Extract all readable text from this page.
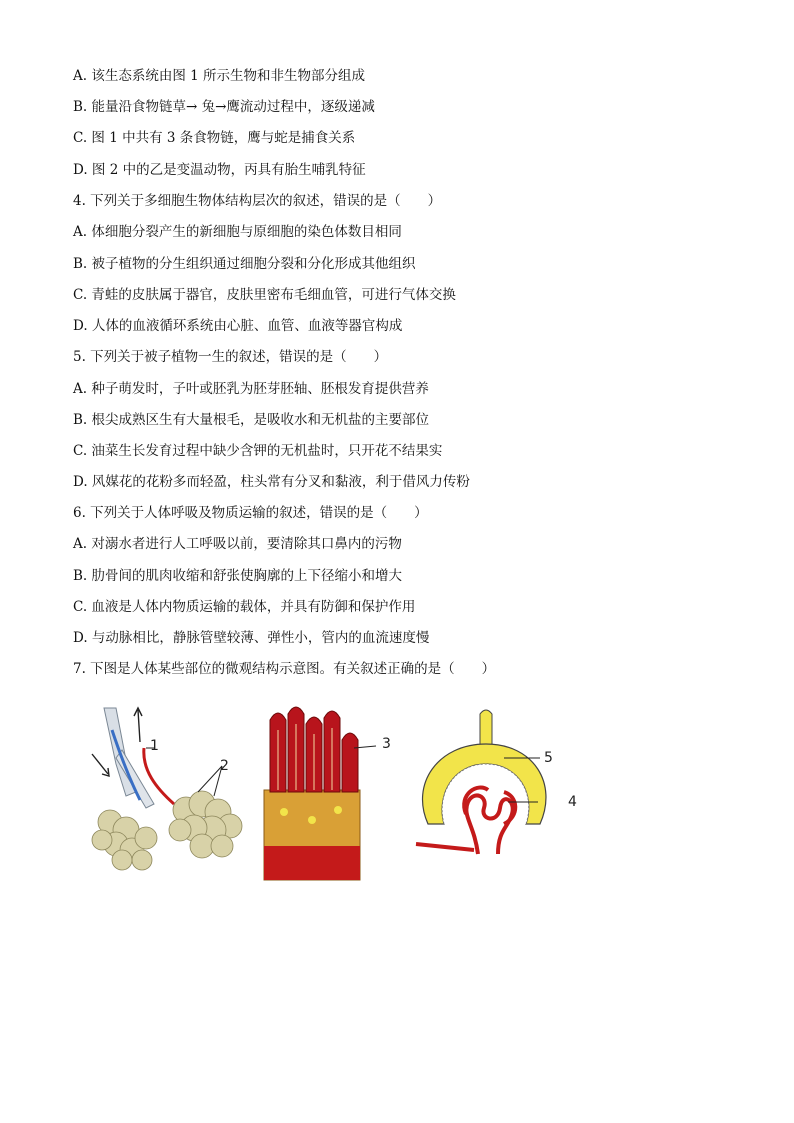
A. 该生态系统由图 1 所示生物和非生物部分组成
B. 能量沿食物链草→ 兔→鹰流动过程中，逐级递减
C. 图 1 中共有 3 条食物链，鹰与蛇是捕食关系
D. 图 2 中的乙是变温动物，丙具有胎生哺乳特征
4. 下列关于多细胞生物体结构层次的叙述，错误的是（　　）
A. 体细胞分裂产生的新细胞与原细胞的染色体数目相同
B. 被子植物的分生组织通过细胞分裂和分化形成其他组织
C. 青蛙的皮肤属于器官，皮肤里密布毛细血管，可进行气体交换
D. 人体的血液循环系统由心脏、血管、血液等器官构成
5. 下列关于被子植物一生的叙述，错误的是（　　）
A. 种子萌发时，子叶或胚乳为胚芽胚轴、胚根发育提供营养
B. 根尖成熟区生有大量根毛，是吸收水和无机盐的主要部位
C. 油菜生长发育过程中缺少含钾的无机盐时，只开花不结果实
D. 风媒花的花粉多而轻盈，柱头常有分叉和黏液，利于借风力传粉
6. 下列关于人体呼吸及物质运输的叙述，错误的是（　　）
A. 对溺水者进行人工呼吸以前，要清除其口鼻内的污物
B. 肋骨间的肌肉收缩和舒张使胸廓的上下径缩小和增大
C. 血液是人体内物质运输的载体，并具有防御和保护作用
D. 与动脉相比，静脉管壁较薄、弹性小，管内的血流速度慢
7. 下图是人体某些部位的微观结构示意图。有关叙述正确的是（　　）
1
2
3
5
4
